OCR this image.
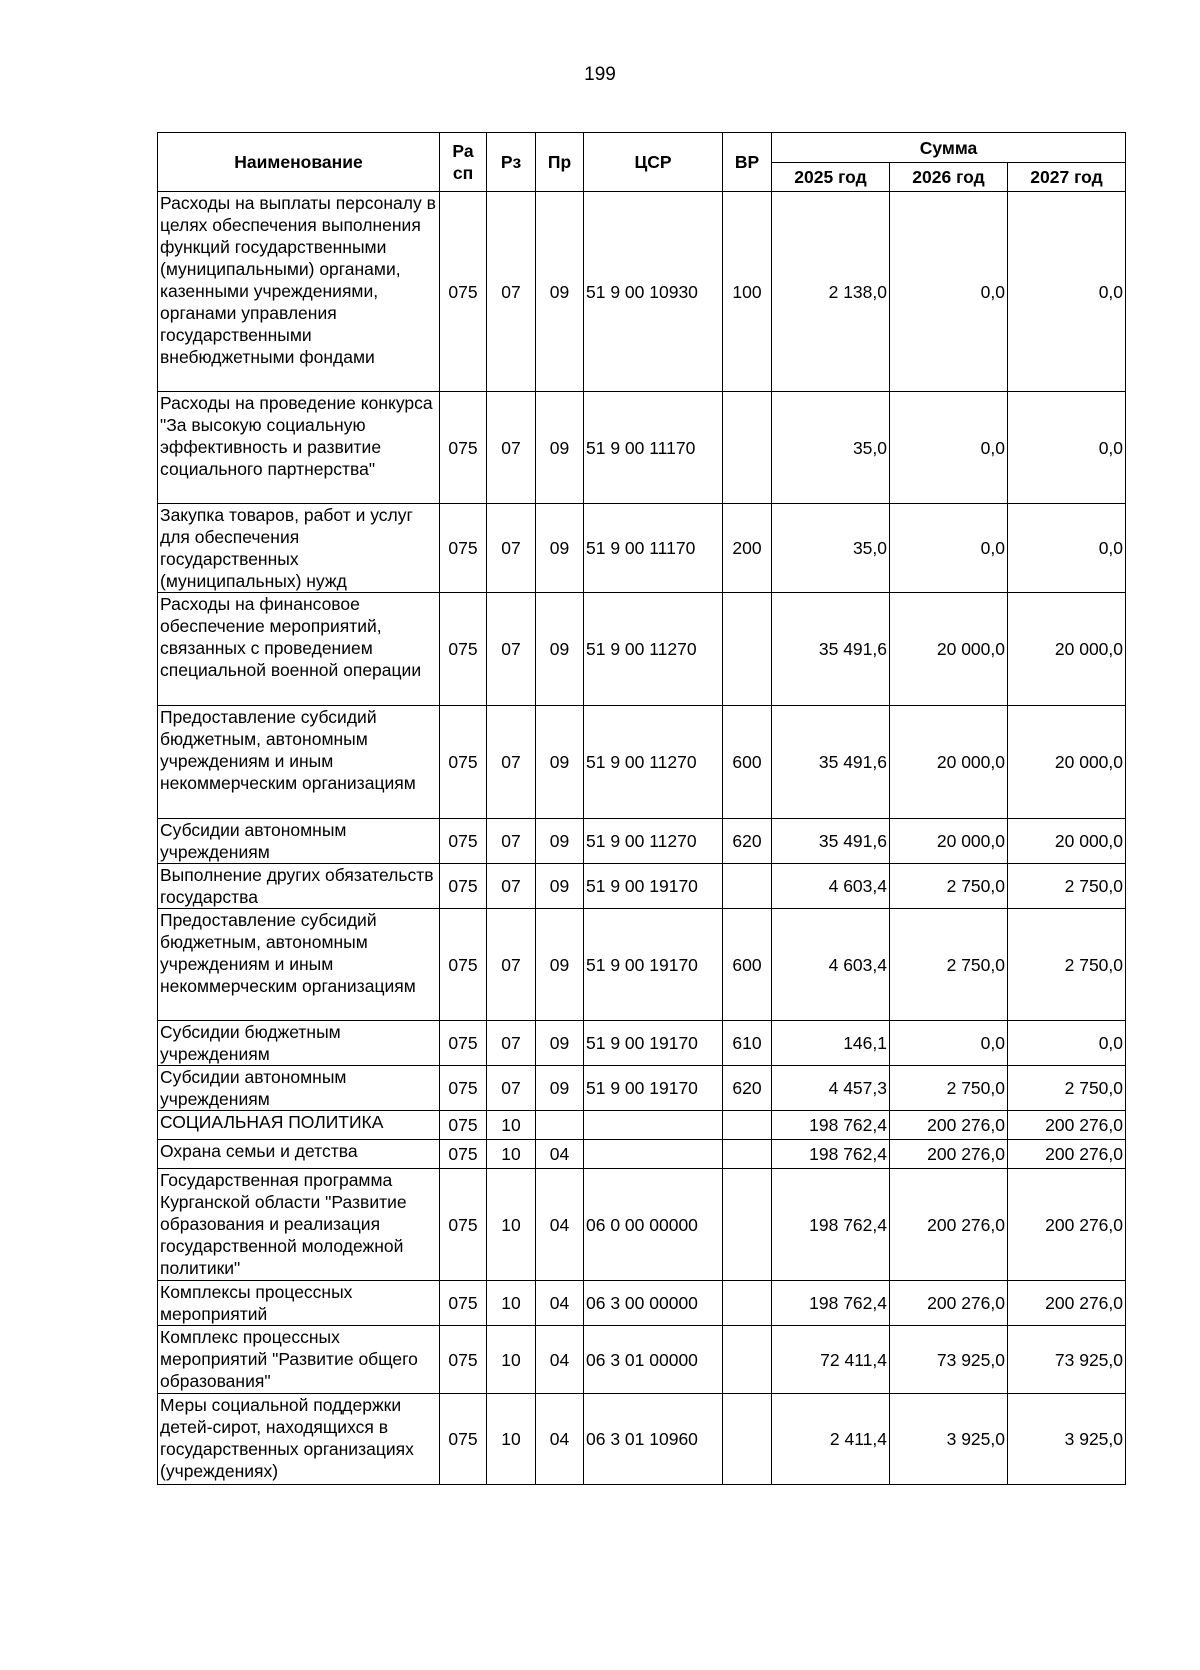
199
Наименование	Ра сп	Рз	Пр	ЦСР	ВР	Сумма		
						2025 год	2026 год	2027 год
Расходы на выплаты персоналу в целях обеспечения выполнения функций государственными (муниципальными) органами, казенными учреждениями, органами управления государственными внебюджетными фондами	075	07	09	51 9 00 10930	100	2 138,0	0,0	0,0
Расходы на проведение конкурса "За высокую социальную эффективность и развитие социального партнерства"	075	07	09	51 9 00 11170		35,0	0,0	0,0
Закупка товаров, работ и услуг для обеспечения государственных (муниципальных) нужд	075	07	09	51 9 00 11170	200	35,0	0,0	0,0
Расходы на финансовое обеспечение мероприятий, связанных с проведением специальной военной операции	075	07	09	51 9 00 11270		35 491,6	20 000,0	20 000,0
Предоставление субсидий бюджетным, автономным учреждениям и иным некоммерческим организациям	075	07	09	51 9 00 11270	600	35 491,6	20 000,0	20 000,0
Субсидии автономным учреждениям	075	07	09	51 9 00 11270	620	35 491,6	20 000,0	20 000,0
Выполнение других обязательств государства	075	07	09	51 9 00 19170		4 603,4	2 750,0	2 750,0
Предоставление субсидий бюджетным, автономным учреждениям и иным некоммерческим организациям	075	07	09	51 9 00 19170	600	4 603,4	2 750,0	2 750,0
Субсидии бюджетным учреждениям	075	07	09	51 9 00 19170	610	146,1	0,0	0,0
Субсидии автономным учреждениям	075	07	09	51 9 00 19170	620	4 457,3	2 750,0	2 750,0
СОЦИАЛЬНАЯ ПОЛИТИКА	075	10				198 762,4	200 276,0	200 276,0
Охрана семьи и детства	075	10	04			198 762,4	200 276,0	200 276,0
Государственная программа Курганской области "Развитие образования и реализация государственной молодежной политики"	075	10	04	06 0 00 00000		198 762,4	200 276,0	200 276,0
Комплексы процессных мероприятий	075	10	04	06 3 00 00000		198 762,4	200 276,0	200 276,0
Комплекс процессных мероприятий "Развитие общего образования"	075	10	04	06 3 01 00000		72 411,4	73 925,0	73 925,0
Меры социальной поддержки детей-сирот, находящихся в государственных организациях (учреждениях)	075	10	04	06 3 01 10960		2 411,4	3 925,0	3 925,0
